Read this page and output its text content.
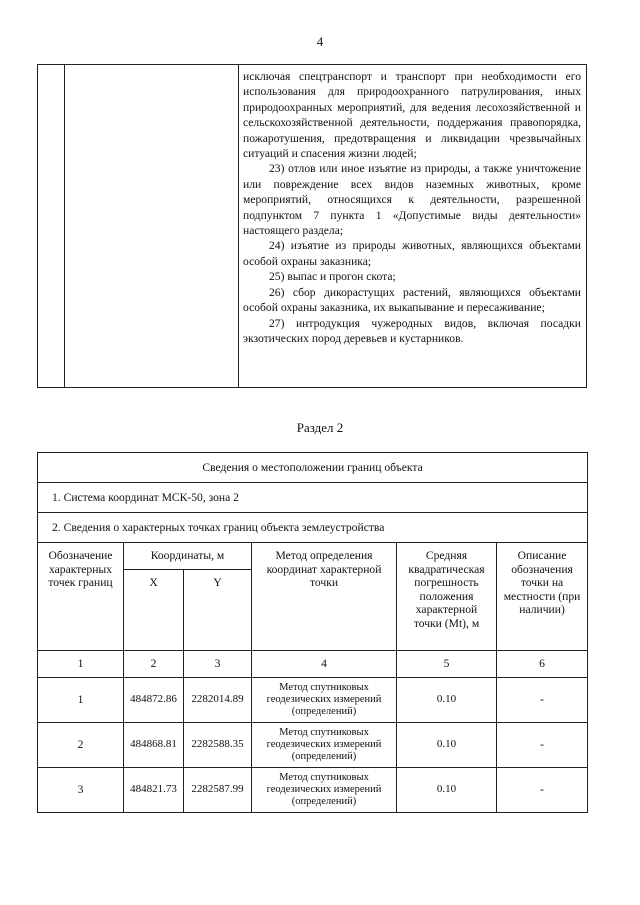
4

исключая спецтранспорт и транспорт при необходимости его использования для природоохранного патрулирования, иных природоохранных мероприятий, для ведения лесохозяйственной и сельскохозяйственной деятельности, поддержания правопорядка, пожаротушения, предотвращения и ликвидации чрезвычайных ситуаций и спасения жизни людей;

23) отлов или иное изъятие из природы, а также уничтожение или повреждение всех видов наземных животных, кроме мероприятий, относящихся к деятельности, разрешенной подпунктом 7 пункта 1 «Допустимые виды деятельности» настоящего раздела;

24) изъятие из природы животных, являющихся объектами особой охраны заказника;

25) выпас и прогон скота;

26) сбор дикорастущих растений, являющихся объектами особой охраны заказника, их выкапывание и пересаживание;

27) интродукция чужеродных видов, включая посадки экзотических пород деревьев и кустарников.

Раздел 2
Сведения о местоположении границ объекта					
1. Система координат МСК-50, зона 2					
2. Сведения о характерных точках границ объекта землеустройства					
Обозначение характерных точек границ	Координаты, м		Метод определения координат характерной точки	Средняя квадратическая погрешность положения характерной точки (Mt), м	Описание обозначения точки на местности (при наличии)
	X	Y			
1	2	3	4	5	6
1	484872.86	2282014.89	Метод спутниковых геодезических измерений (определений)	0.10	-
2	484868.81	2282588.35	Метод спутниковых геодезических измерений (определений)	0.10	-
3	484821.73	2282587.99	Метод спутниковых геодезических измерений (определений)	0.10	-
